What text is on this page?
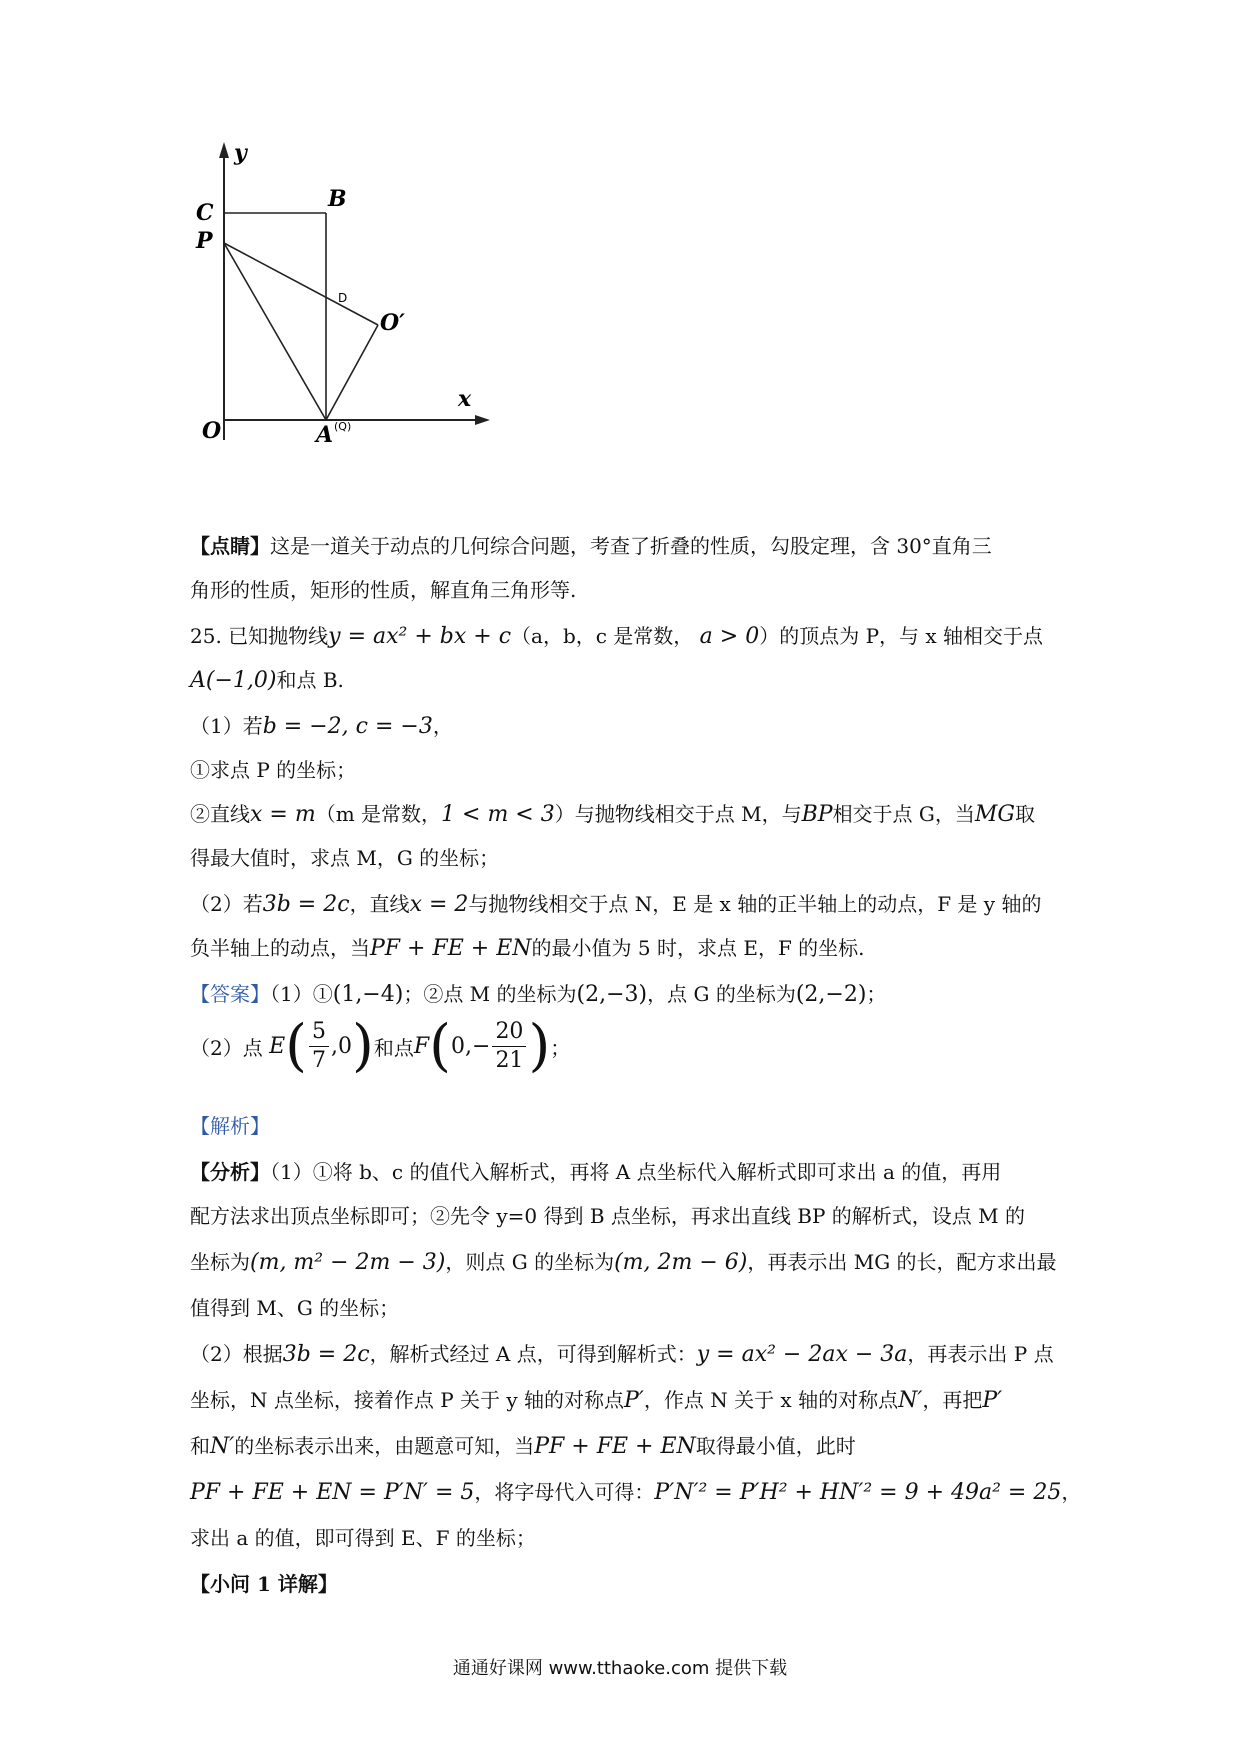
y
x
C
B
P
D
O′
O	A (Q)
【点睛】这是一道关于动点的几何综合问题，考查了折叠的性质，勾股定理，含 30°直角三
角形的性质，矩形的性质，解直角三角形等.
25. 已知抛物线y = ax² + bx + c（a，b，c 是常数， a > 0）的顶点为 P，与 x 轴相交于点
A(−1,0)和点 B.
（1）若b = −2, c = −3，
①求点 P 的坐标；
②直线x = m（m 是常数，1 < m < 3）与抛物线相交于点 M，与BP相交于点 G，当MG取
得最大值时，求点 M，G 的坐标；
（2）若3b = 2c，直线x = 2与抛物线相交于点 N，E 是 x 轴的正半轴上的动点，F 是 y 轴的
负半轴上的动点，当PF + FE + EN的最小值为 5 时，求点 E，F 的坐标.
【答案】（1）①(1,−4)；②点 M 的坐标为(2,−3)，点 G 的坐标为(2,−2)；
（2）点 $E( \frac{5}{7} ,0)$和点$F(0,- \frac{20}{21}$ )；
【解析】
【分析】（1）①将 b、c 的值代入解析式，再将 A 点坐标代入解析式即可求出 a 的值，再用
配方法求出顶点坐标即可；②先令 y=0 得到 B 点坐标，再求出直线 BP 的解析式，设点 M 的
坐标为(m, m² − 2m − 3)，则点 G 的坐标为(m, 2m − 6)，再表示出 MG 的长，配方求出最
值得到 M、G 的坐标；
（2）根据3b = 2c，解析式经过 A 点，可得到解析式：y = ax² − 2ax − 3a，再表示出 P 点
坐标，N 点坐标，接着作点 P 关于 y 轴的对称点P′，作点 N 关于 x 轴的对称点N′，再把P′
和N′的坐标表示出来，由题意可知，当PF + FE + EN取得最小值，此时
PF + FE + EN = P′N′ = 5，将字母代入可得：P′N′² = P′H² + HN′² = 9 + 49a² = 25，
求出 a 的值，即可得到 E、F 的坐标；
【小问 1 详解】
通通好课网 www.tthaoke.com 提供下载
